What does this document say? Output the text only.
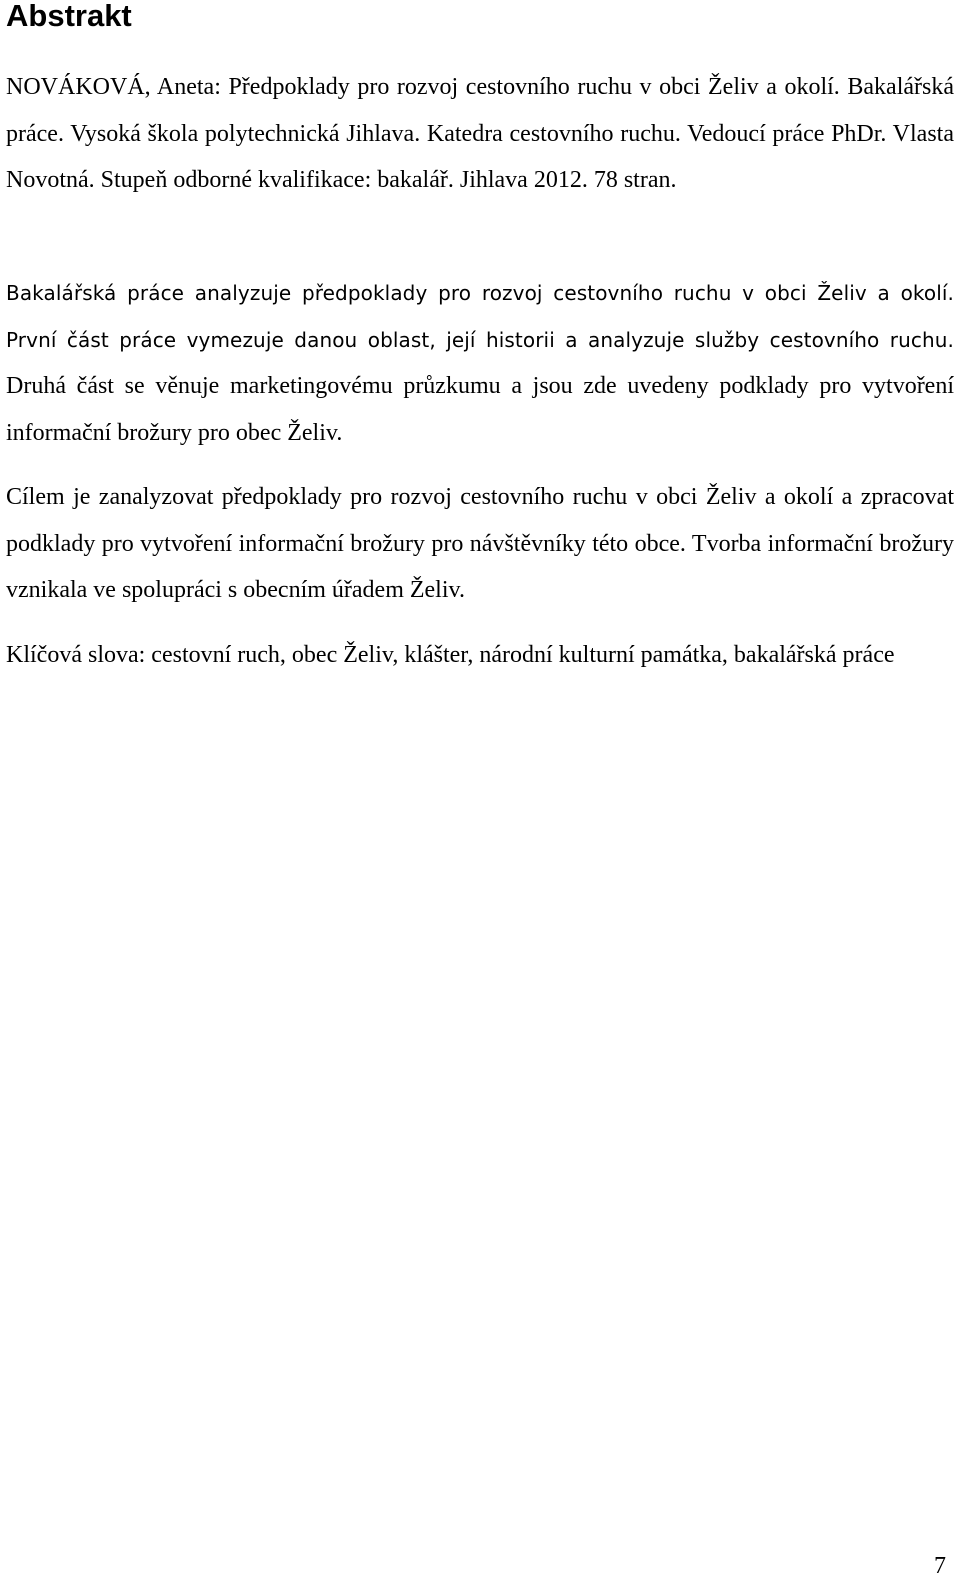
Abstrakt

NOVÁKOVÁ, Aneta: Předpoklady pro rozvoj cestovního ruchu v obci Želiv a okolí. Bakalářská práce. Vysoká škola polytechnická Jihlava. Katedra cestovního ruchu. Vedoucí práce PhDr. Vlasta Novotná. Stupeň odborné kvalifikace: bakalář. Jihlava 2012. 78 stran.

Bakalářská práce analyzuje předpoklady pro rozvoj cestovního ruchu v obci Želiv a okolí. První část práce vymezuje danou oblast, její historii a analyzuje služby cestovního ruchu. Druhá část se věnuje marketingovému průzkumu a jsou zde uvedeny podklady pro vytvoření informační brožury pro obec Želiv.

Cílem je zanalyzovat předpoklady pro rozvoj cestovního ruchu v obci Želiv a okolí a zpracovat podklady pro vytvoření informační brožury pro návštěvníky této obce. Tvorba informační brožury vznikala ve spolupráci s obecním úřadem Želiv.

Klíčová slova: cestovní ruch, obec Želiv, klášter, národní kulturní památka, bakalářská práce

7
